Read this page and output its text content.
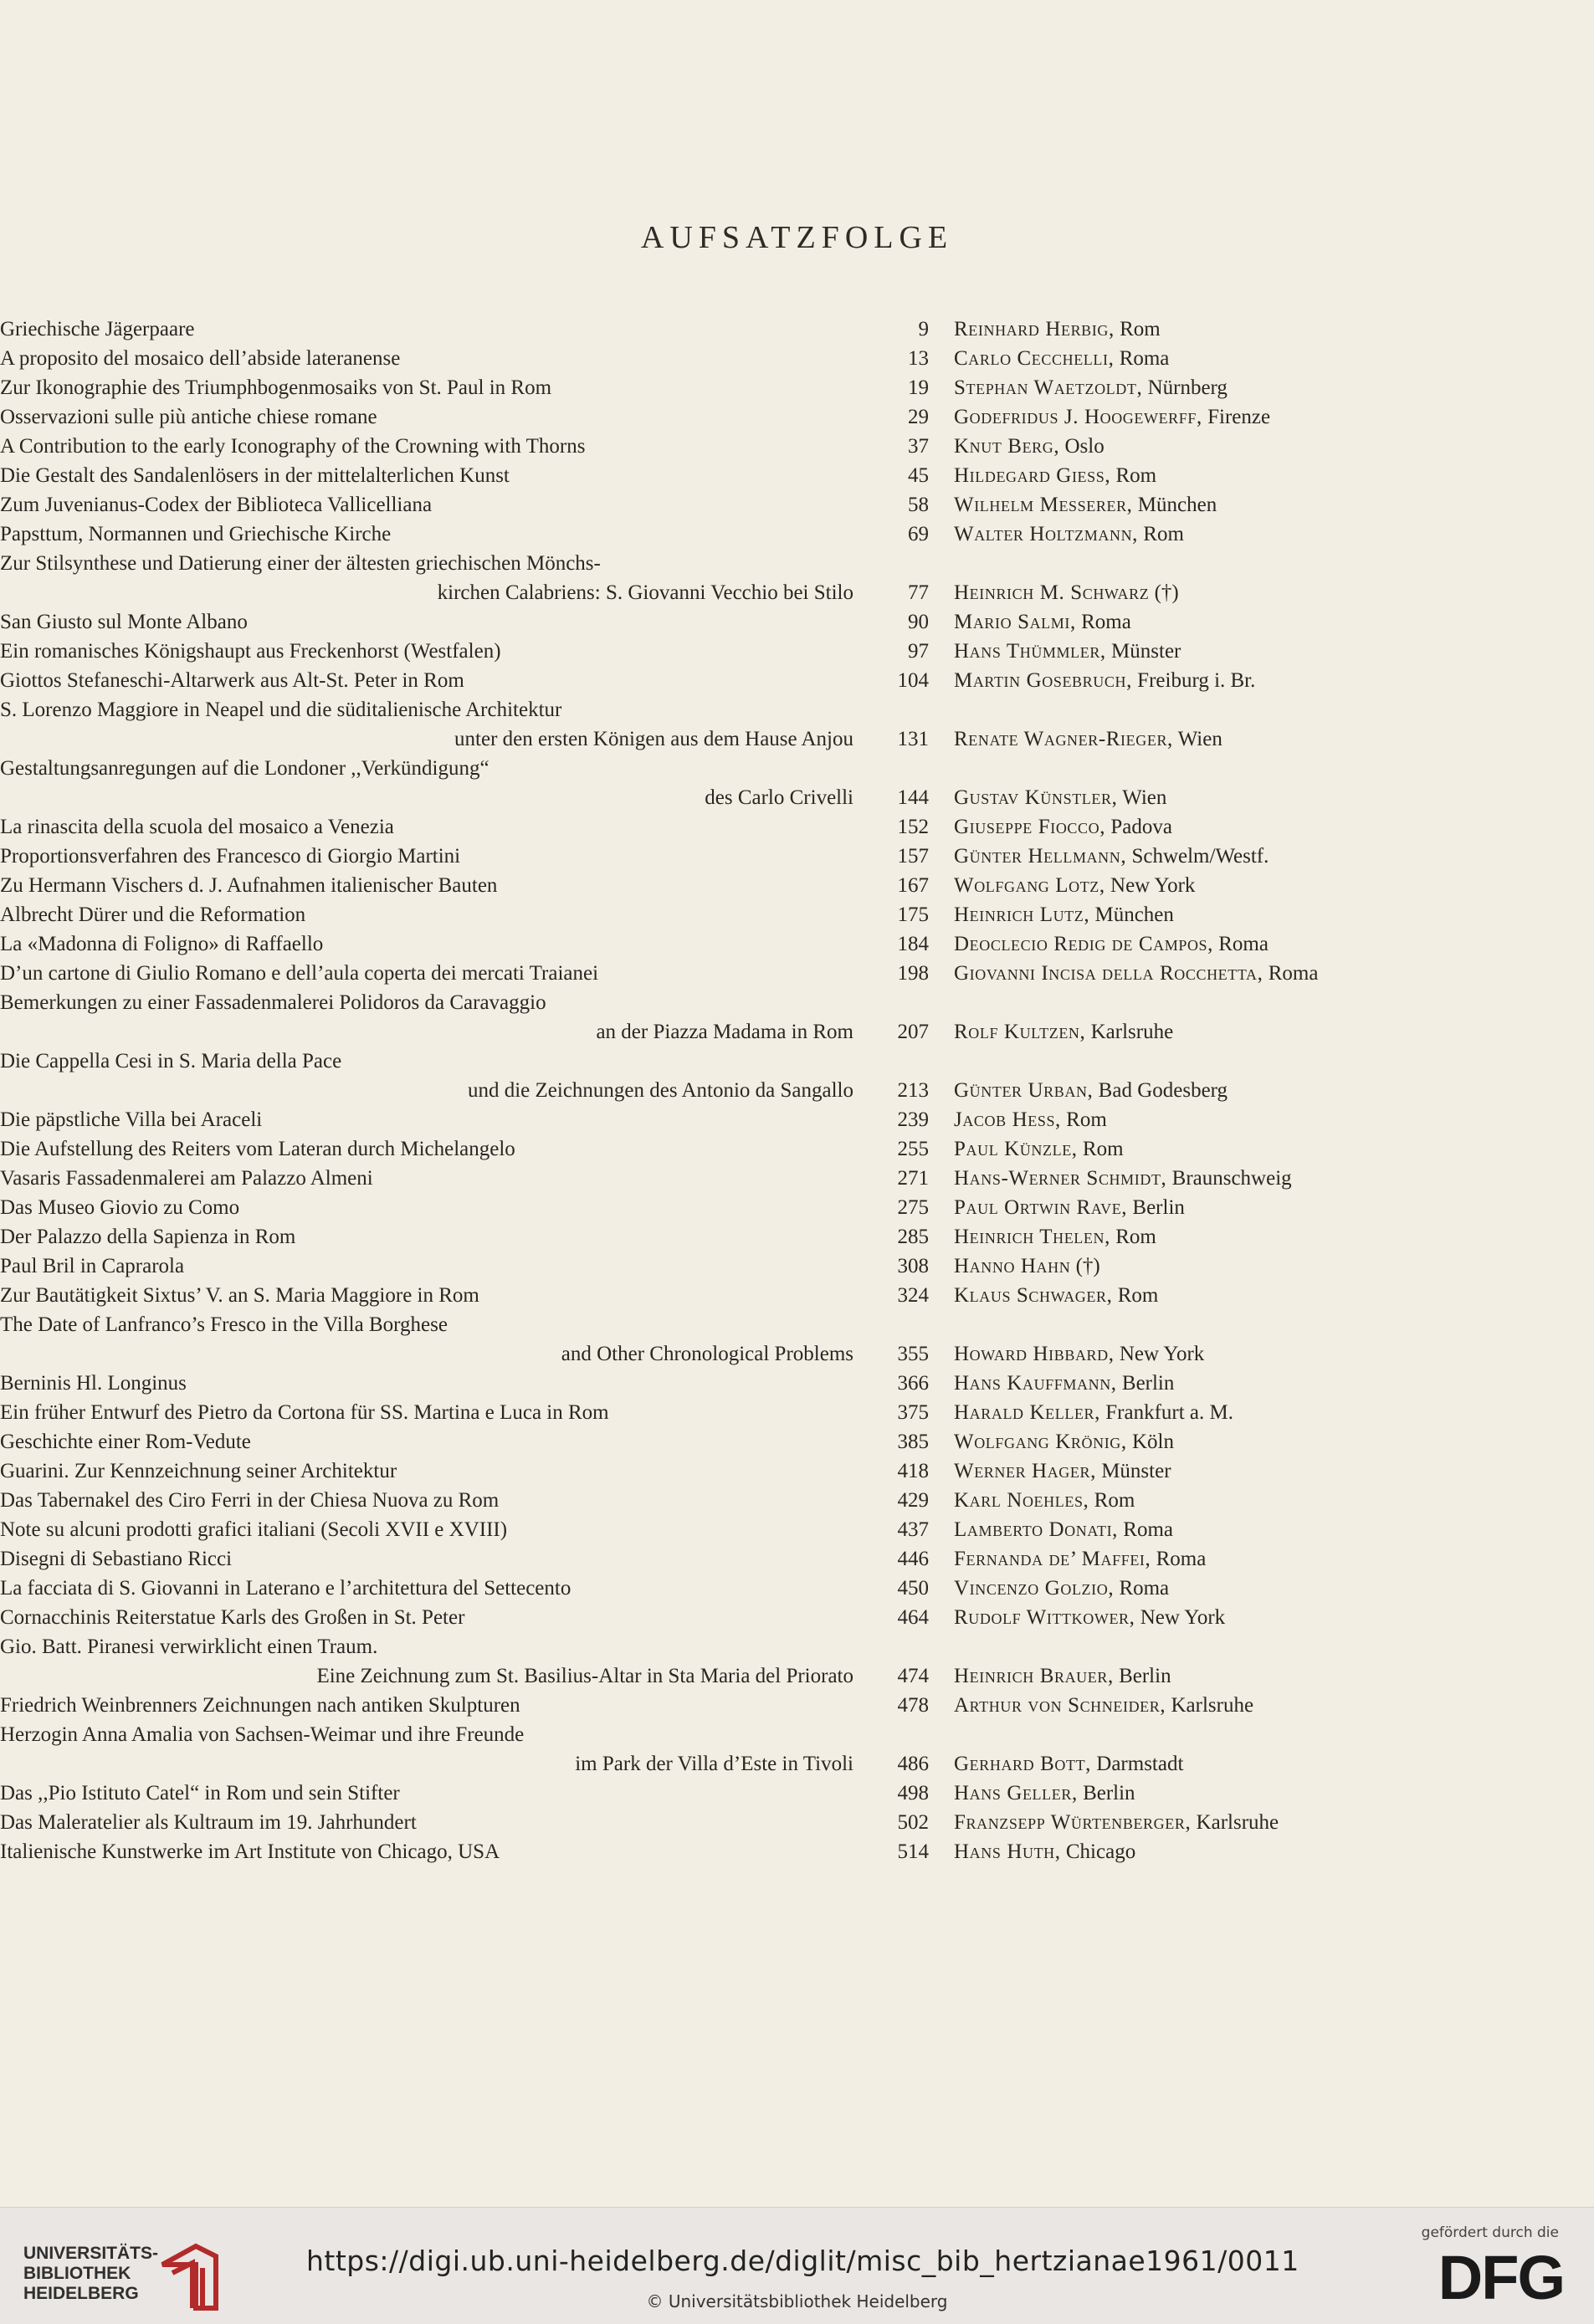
AUFSATZFOLGE
Griechische Jägerpaare	9 Reinhard Herbig, Rom
A proposito del mosaico dell’abside lateranense	13 Carlo Cecchelli, Roma
Zur Ikonographie des Triumphbogenmosaiks von St. Paul in Rom	19 Stephan Waetzoldt, Nürnberg
Osservazioni sulle più antiche chiese romane	29 Godefridus J. Hoogewerff, Firenze
A Contribution to the early Iconography of the Crowning with Thorns	37 Knut Berg, Oslo
Die Gestalt des Sandalenlösers in der mittelalterlichen Kunst	45 Hildegard Giess, Rom
Zum Juvenianus-Codex der Biblioteca Vallicelliana	58 Wilhelm Messerer, München
Papsttum, Normannen und Griechische Kirche	69 Walter Holtzmann, Rom
Zur Stilsynthese und Datierung einer der ältesten griechischen Mönchs-
kirchen Calabriens: S. Giovanni Vecchio bei Stilo	77 Heinrich M. Schwarz (†)
San Giusto sul Monte Albano	90 Mario Salmi, Roma
Ein romanisches Königshaupt aus Freckenhorst (Westfalen)	97 Hans Thümmler, Münster
Giottos Stefaneschi-Altarwerk aus Alt-St. Peter in Rom	104 Martin Gosebruch, Freiburg i. Br.
S. Lorenzo Maggiore in Neapel und die süditalienische Architektur
unter den ersten Königen aus dem Hause Anjou	131 Renate Wagner-Rieger, Wien
Gestaltungsanregungen auf die Londoner ,,Verkündigung“
des Carlo Crivelli	144 Gustav Künstler, Wien
La rinascita della scuola del mosaico a Venezia	152 Giuseppe Fiocco, Padova
Proportionsverfahren des Francesco di Giorgio Martini	157 Günter Hellmann, Schwelm/Westf.
Zu Hermann Vischers d. J. Aufnahmen italienischer Bauten	167 Wolfgang Lotz, New York
Albrecht Dürer und die Reformation	175 Heinrich Lutz, München
La «Madonna di Foligno» di Raffaello	184 Deoclecio Redig de Campos, Roma
D’un cartone di Giulio Romano e dell’aula coperta dei mercati Traianei	198 Giovanni Incisa della Rocchetta, Roma
Bemerkungen zu einer Fassadenmalerei Polidoros da Caravaggio
an der Piazza Madama in Rom	207 Rolf Kultzen, Karlsruhe
Die Cappella Cesi in S. Maria della Pace
und die Zeichnungen des Antonio da Sangallo	213 Günter Urban, Bad Godesberg
Die päpstliche Villa bei Araceli	239 Jacob Hess, Rom
Die Aufstellung des Reiters vom Lateran durch Michelangelo	255 Paul Künzle, Rom
Vasaris Fassadenmalerei am Palazzo Almeni	271 Hans-Werner Schmidt, Braunschweig
Das Museo Giovio zu Como	275 Paul Ortwin Rave, Berlin
Der Palazzo della Sapienza in Rom	285 Heinrich Thelen, Rom
Paul Bril in Caprarola	308 Hanno Hahn (†)
Zur Bautätigkeit Sixtus’ V. an S. Maria Maggiore in Rom	324 Klaus Schwager, Rom
The Date of Lanfranco’s Fresco in the Villa Borghese
and Other Chronological Problems	355 Howard Hibbard, New York
Berninis Hl. Longinus	366 Hans Kauffmann, Berlin
Ein früher Entwurf des Pietro da Cortona für SS. Martina e Luca in Rom	375 Harald Keller, Frankfurt a. M.
Geschichte einer Rom-Vedute	385 Wolfgang Krönig, Köln
Guarini. Zur Kennzeichnung seiner Architektur	418 Werner Hager, Münster
Das Tabernakel des Ciro Ferri in der Chiesa Nuova zu Rom	429 Karl Noehles, Rom
Note su alcuni prodotti grafici italiani (Secoli XVII e XVIII)	437 Lamberto Donati, Roma
Disegni di Sebastiano Ricci	446 Fernanda de’ Maffei, Roma
La facciata di S. Giovanni in Laterano e l’architettura del Settecento	450 Vincenzo Golzio, Roma
Cornacchinis Reiterstatue Karls des Großen in St. Peter	464 Rudolf Wittkower, New York
Gio. Batt. Piranesi verwirklicht einen Traum.
Eine Zeichnung zum St. Basilius-Altar in Sta Maria del Priorato	474 Heinrich Brauer, Berlin
Friedrich Weinbrenners Zeichnungen nach antiken Skulpturen	478 Arthur von Schneider, Karlsruhe
Herzogin Anna Amalia von Sachsen-Weimar und ihre Freunde
im Park der Villa d’Este in Tivoli	486 Gerhard Bott, Darmstadt
Das ,,Pio Istituto Catel“ in Rom und sein Stifter	498 Hans Geller, Berlin
Das Maleratelier als Kultraum im 19. Jahrhundert	502 Franzsepp Würtenberger, Karlsruhe
Italienische Kunstwerke im Art Institute von Chicago, USA	514 Hans Huth, Chicago
UNIVERSITÄTS-
BIBLIOTHEK
HEIDELBERG
https://digi.ub.uni-heidelberg.de/diglit/misc_bib_hertzianae1961/0011
© Universitätsbibliothek Heidelberg
gefördert durch die
DFG
